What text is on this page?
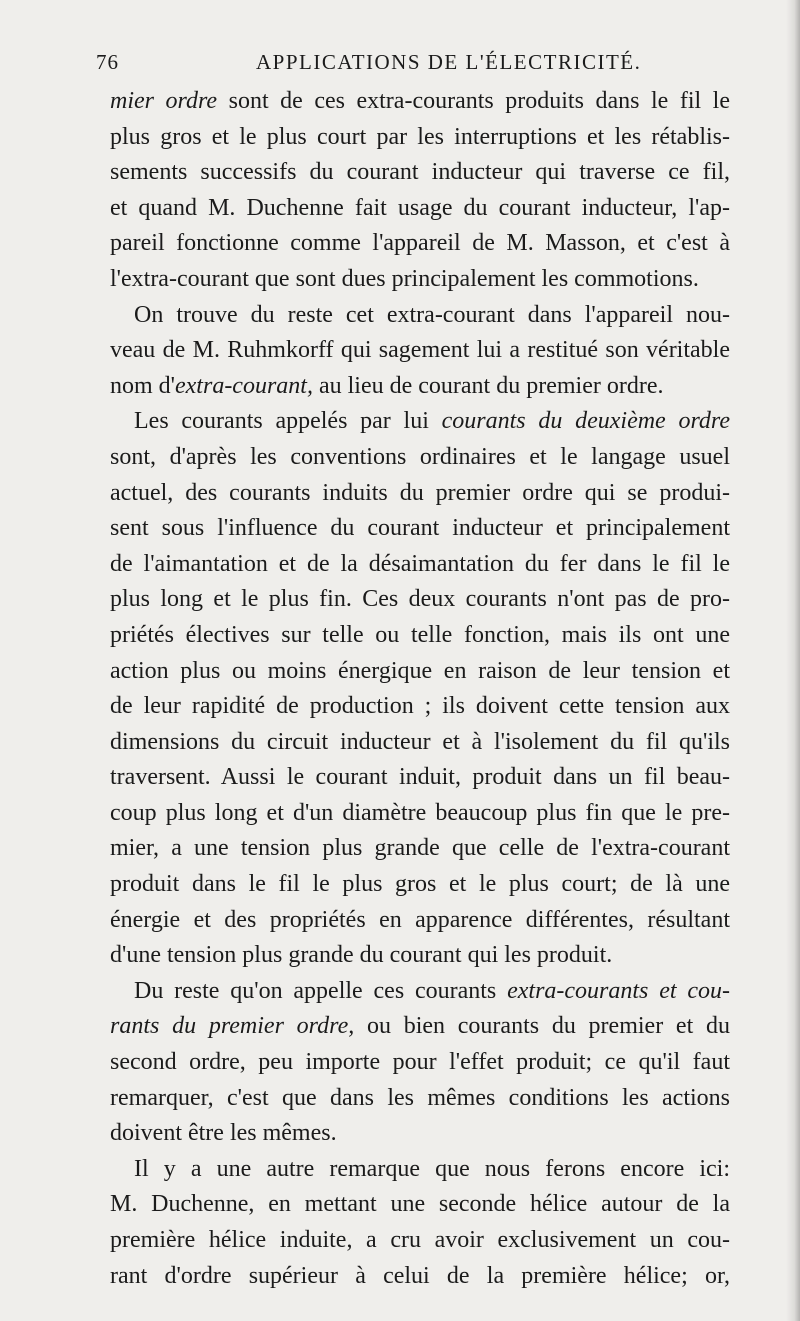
76	APPLICATIONS DE L'ÉLECTRICITÉ.
mier ordre sont de ces extra-courants produits dans le fil le
plus gros et le plus court par les interruptions et les rétablis-
sements successifs du courant inducteur qui traverse ce fil,
et quand M. Duchenne fait usage du courant inducteur, l'ap-
pareil fonctionne comme l'appareil de M. Masson, et c'est à
l'extra-courant que sont dues principalement les commotions.
On trouve du reste cet extra-courant dans l'appareil nou-
veau de M. Ruhmkorff qui sagement lui a restitué son véritable
nom d'extra-courant, au lieu de courant du premier ordre.
Les courants appelés par lui courants du deuxième ordre
sont, d'après les conventions ordinaires et le langage usuel
actuel, des courants induits du premier ordre qui se produi-
sent sous l'influence du courant inducteur et principalement
de l'aimantation et de la désaimantation du fer dans le fil le
plus long et le plus fin. Ces deux courants n'ont pas de pro-
priétés électives sur telle ou telle fonction, mais ils ont une
action plus ou moins énergique en raison de leur tension et
de leur rapidité de production ; ils doivent cette tension aux
dimensions du circuit inducteur et à l'isolement du fil qu'ils
traversent. Aussi le courant induit, produit dans un fil beau-
coup plus long et d'un diamètre beaucoup plus fin que le pre-
mier, a une tension plus grande que celle de l'extra-courant
produit dans le fil le plus gros et le plus court; de là une
énergie et des propriétés en apparence différentes, résultant
d'une tension plus grande du courant qui les produit.
Du reste qu'on appelle ces courants extra-courants et cou-
rants du premier ordre, ou bien courants du premier et du
second ordre, peu importe pour l'effet produit; ce qu'il faut
remarquer, c'est que dans les mêmes conditions les actions
doivent être les mêmes.
Il y a une autre remarque que nous ferons encore ici:
M. Duchenne, en mettant une seconde hélice autour de la
première hélice induite, a cru avoir exclusivement un cou-
rant d'ordre supérieur à celui de la première hélice; or,
